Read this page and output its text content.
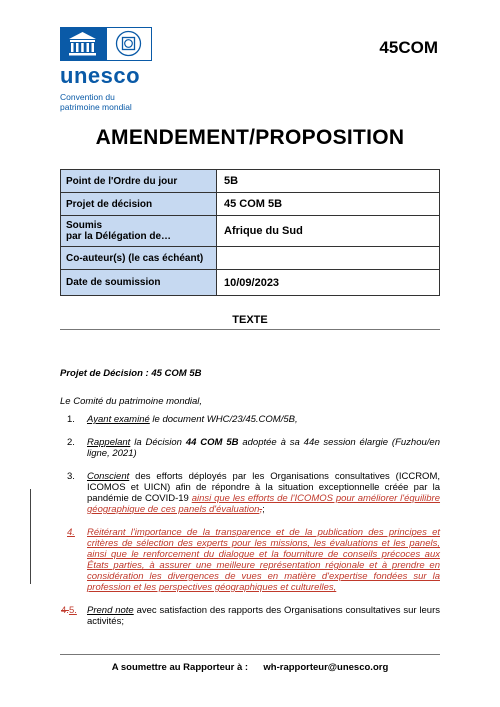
unesco
Convention du
patrimoine mondial
45COM
AMENDEMENT/PROPOSITION
Point de l'Ordre du jour	5B
Projet de décision	45 COM 5B
Soumis
par la Délégation de…	Afrique du Sud
Co-auteur(s) (le cas échéant)	
Date de soumission	10/09/2023
TEXTE
Projet de Décision : 45 COM 5B
Le Comité du patrimoine mondial,
1. Ayant examiné le document WHC/23/45.COM/5B,
2. Rappelant la Décision 44 COM 5B adoptée à sa 44e session élargie (Fuzhou/en ligne, 2021)
3. Conscient des efforts déployés par les Organisations consultatives (ICCROM, ICOMOS et UICN) afin de répondre à la situation exceptionnelle créée par la pandémie de COVID-19 ainsi que les efforts de l'ICOMOS pour améliorer l'équilibre géographique de ces panels d'évaluation,;
4. Réitérant l'importance de la transparence et de la publication des principes et critères de sélection des experts pour les missions, les évaluations et les panels, ainsi que le renforcement du dialogue et la fourniture de conseils précoces aux États parties, à assurer une meilleure représentation régionale et à prendre en considération les divergences de vues en matière d'expertise fondées sur la profession et les perspectives géographiques et culturelles,
4.5. Prend note avec satisfaction des rapports des Organisations consultatives sur leurs activités;
A soumettre au Rapporteur à : wh-rapporteur@unesco.org
